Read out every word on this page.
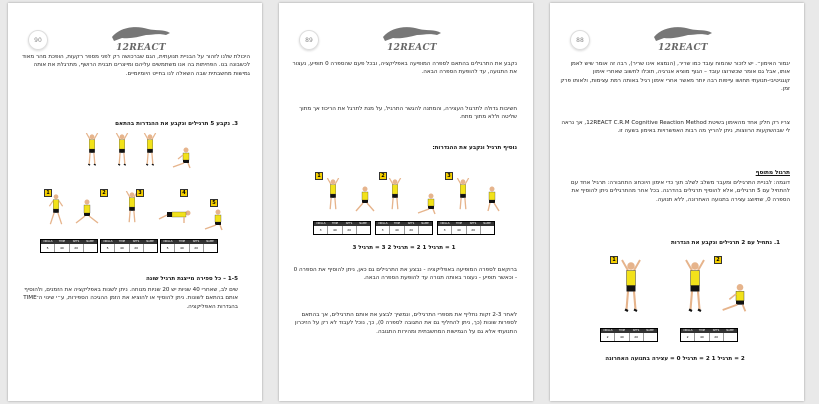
90
12REACT
היכולת שלנו לזהור על הבניית תנועתית, הגם שברכושה רק לפני מספר רקעות, הופכת מהר מאוד לכשבונה בנו. הפחיתות בה אנו משתמשים עליהם ומייצרים תבנית הרושף, מתרגלת את אותה גמישות מחשבתית שבה השאלה לנו בחייט היומיומיים.
3. נקבע 5 תרגילים ונקבע את ההגדרות בהתאם
1	2	3	4
5
DRILLS	TIME	SETS	NAME
5	40	20
DRILLS	TIME	SETS	NAME
5	40	20
DRILLS	TIME	SETS	NAME
5	40	20
1-5 – כל ספירה מייצגת תרגיל שונה
שים לב, שאחרי 40 שניות יש 20 שניות מנוחה. ניתן לשנות באפליקציה את הזמנים, ולהוסיף אותם בהתאם לשונות. ניתן להוסיף או להוציא את הזמן ההגיכה הספירות, ע״י שינוי ה־TIME בהגדרות האפליקציה.
89
12REACT
נקבע את התרגילים בהתאם לספרה המופיעה באפליקציה, ובכל פעם שהספרה 0 תופיע, נעצור את התנועה, עד להופעת הספרה הבאה.
חשיבות גדולה לתרגול העצירה, והמתנה להגשר התרגיל, על מנת לתרגל את הריכוז אך מתוך שליטה וללא מתוך מתח.
נוסיף תרגיל ונקבע את ההגדרות:
1	2	3
DRILLS	TIME	SETS	NAME
3	40	20
DRILLS	TIME	SETS	NAME
3	40	20
DRILLS	TIME	SETS	NAME
3	40	20
1 = תרגיל 1 2 = תרגיל 2 3 = תרגיל 3
ברוקאם לספרה המופיעה באפליקציה - נבצע את התרגילים גם כאן, ניתן להוסיף את הספרה 0 - וכאשר תופיע - נעצור באותה תנורה עד להופעת הספרה הבאה.
לאחר 2-3 זקות נחליף את מספרי התרגילים, ונמשיך לבצע את אותם התרגילים, אך בהתאם לספרות שונות (כך, ניתן להחליף גם את התגובה לספרה 0), כך, נוכל לעבוד לא רק על הזיכרון התנועתי אלא גם על הגמישות המחשבתית ומהירות התגובה.
88
12REACT
יגמור האימון״. יש לזכור שהמוח עובד כמו שריר, (הנמצא אינו שריר), רבה זה אומר שיש לאמן אותו, אבל גם אומר שכשרוצו עובד – הגוף מוציא אנרגיה, תוכלו לחשוב שאחרי אימון קוגניטיבי-תנועתי תחושו עייפות רבה יותר מאשר אחרי אימון רגיל באותה רמת עצימות, ולאותו פרק זמן.
צריו רק חלק אחד מהאימון בשיטת 12REACT C.R.M Cognitive Reaction Method, אך נראה לי שבהשקעות הרווצות, ניתן להריץ מה רבות האפשרויות באימון בשעה זו.
תרגול מתוסף
דוגמה: לבניית התרגילים ומעבר משלב לשלב תוך כדי אימון היוכחונ התחבורה: תרגיל אחד עם להתחיל עם 5 תרגילים, אלא להוסיף תרגילים בהדרגה. בכל אחר מהתרגילים ניתן להוסיף את הספרה 0, שתיוצג עצירה בתנועה האחרונה, ללא תנועה.
1. נתחיל עם 2 תרגילים ונקבע את הגדרות
1	2
DRILLS	TIME	SETS	NAME
2	40	20
DRILLS	TIME	SETS	NAME
2	40	20
2 = תרגיל 1 2 = תרגיל 0 = עצירה בתנועה האחרונה
